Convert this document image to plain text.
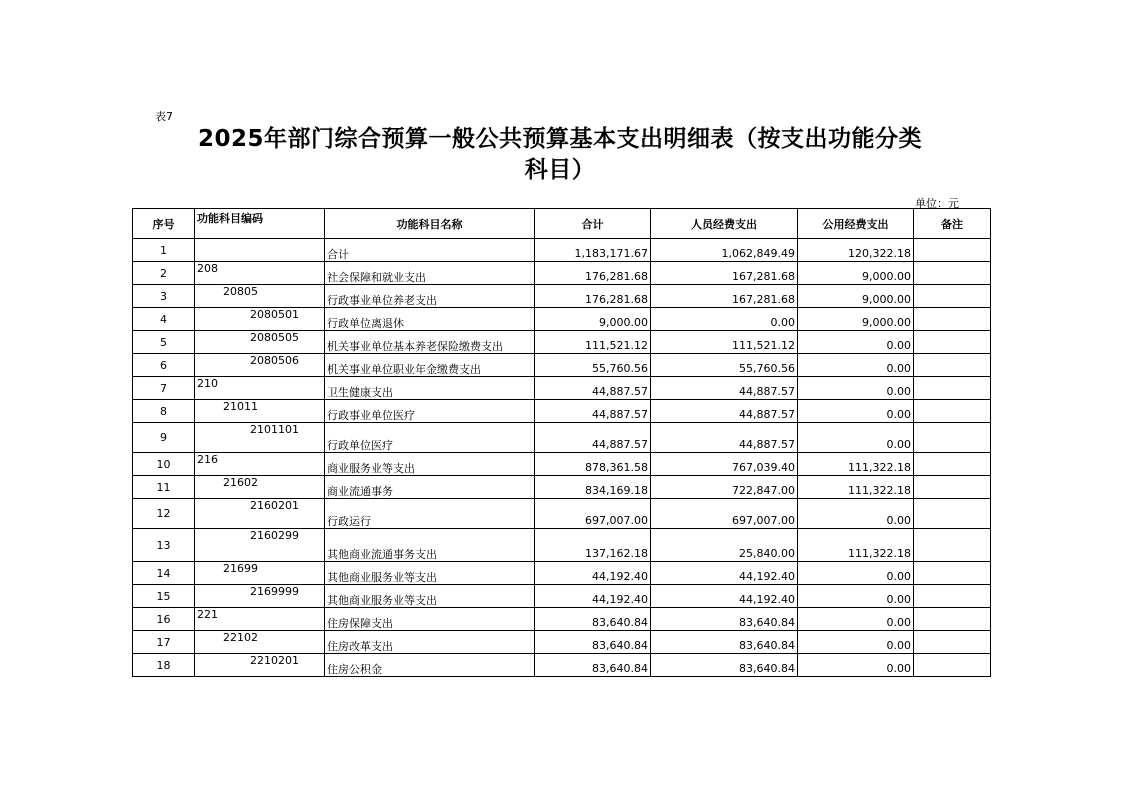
表7
2025年部门综合预算一般公共预算基本支出明细表（按支出功能分类
科目）
单位：元
序号	功能科目编码	功能科目名称	合计	人员经费支出	公用经费支出	备注
1		合计	1,183,171.67	1,062,849.49	120,322.18	
2	208	社会保障和就业支出	176,281.68	167,281.68	9,000.00	
3	20805	行政事业单位养老支出	176,281.68	167,281.68	9,000.00	
4	2080501	行政单位离退休	9,000.00	0.00	9,000.00	
5	2080505	机关事业单位基本养老保险缴费支出	111,521.12	111,521.12	0.00	
6	2080506	机关事业单位职业年金缴费支出	55,760.56	55,760.56	0.00	
7	210	卫生健康支出	44,887.57	44,887.57	0.00	
8	21011	行政事业单位医疗	44,887.57	44,887.57	0.00	
9	2101101	行政单位医疗	44,887.57	44,887.57	0.00	
10	216	商业服务业等支出	878,361.58	767,039.40	111,322.18	
11	21602	商业流通事务	834,169.18	722,847.00	111,322.18	
12	2160201	行政运行	697,007.00	697,007.00	0.00	
13	2160299	其他商业流通事务支出	137,162.18	25,840.00	111,322.18	
14	21699	其他商业服务业等支出	44,192.40	44,192.40	0.00	
15	2169999	其他商业服务业等支出	44,192.40	44,192.40	0.00	
16	221	住房保障支出	83,640.84	83,640.84	0.00	
17	22102	住房改革支出	83,640.84	83,640.84	0.00	
18	2210201	住房公积金	83,640.84	83,640.84	0.00	
